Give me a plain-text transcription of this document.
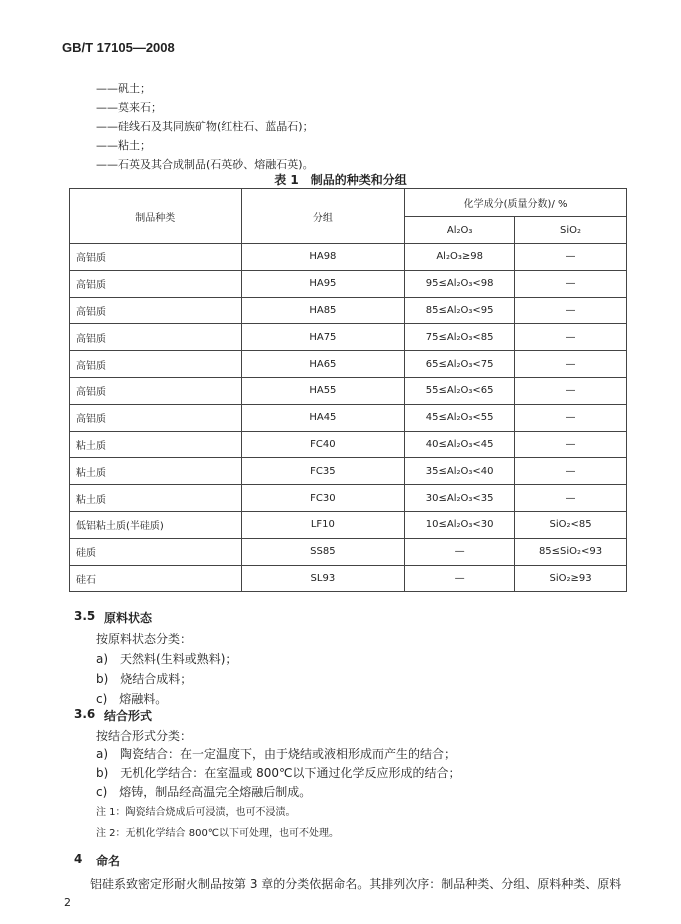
GB/T 17105—2008
——矾土；
——莫来石；
——硅线石及其同族矿物(红柱石、蓝晶石)；
——粘土；
——石英及其合成制品(石英砂、熔融石英)。
表 1　制品的种类和分组
制品种类	分组	化学成分(质量分数)/ %	
		Al₂O₃	SiO₂
高铝质	HA98	Al₂O₃≥98	—
高铝质	HA95	95≤Al₂O₃<98	—
高铝质	HA85	85≤Al₂O₃<95	—
高铝质	HA75	75≤Al₂O₃<85	—
高铝质	HA65	65≤Al₂O₃<75	—
高铝质	HA55	55≤Al₂O₃<65	—
高铝质	HA45	45≤Al₂O₃<55	—
粘土质	FC40	40≤Al₂O₃<45	—
粘土质	FC35	35≤Al₂O₃<40	—
粘土质	FC30	30≤Al₂O₃<35	—
低铝粘土质(半硅质)	LF10	10≤Al₂O₃<30	SiO₂<85
硅质	SS85	—	85≤SiO₂<93
硅石	SL93	—	SiO₂≥93
3.5 原料状态
按原料状态分类：
a)　天然料(生料或熟料)；
b)　烧结合成料；
c)　熔融料。
3.6 结合形式
按结合形式分类：
a)　陶瓷结合：在一定温度下，由于烧结或液相形成而产生的结合；
b)　无机化学结合：在室温或 800℃以下通过化学反应形成的结合；
c)　熔铸，制品经高温完全熔融后制成。
注 1：陶瓷结合烧成后可浸渍，也可不浸渍。
注 2：无机化学结合 800℃以下可处理，也可不处理。
4 命名
铝硅系致密定形耐火制品按第 3 章的分类依据命名。其排列次序：制品种类、分组、原料种类、原料
2
